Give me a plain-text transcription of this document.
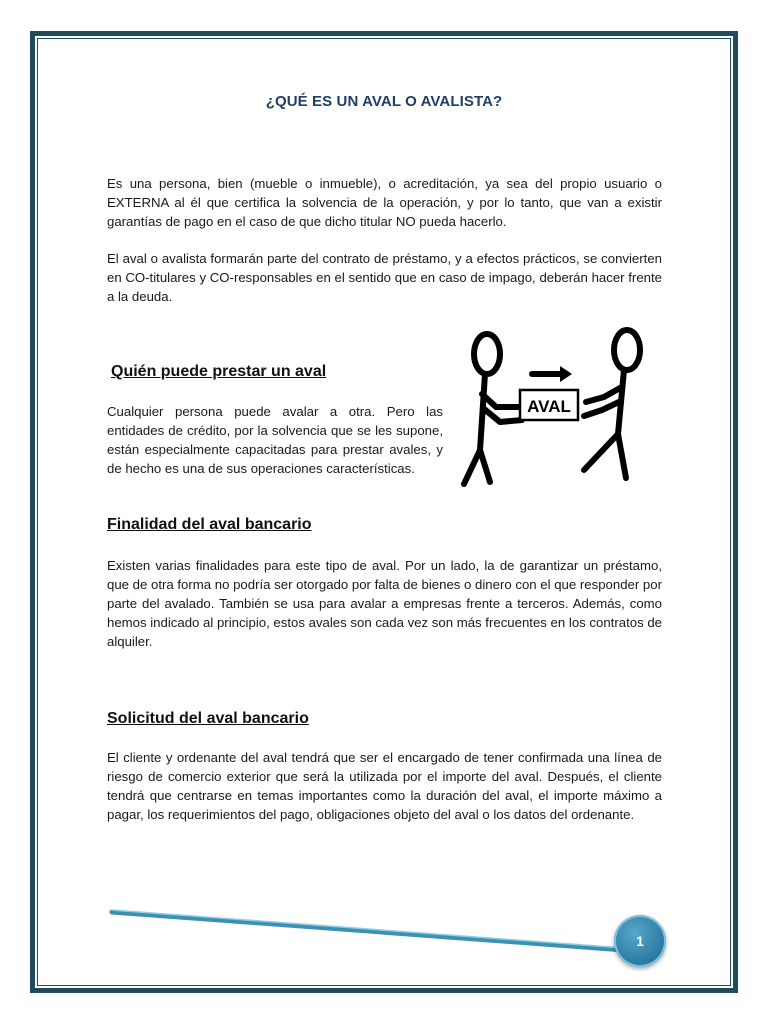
¿QUÉ ES UN AVAL O AVALISTA?

Es una persona, bien (mueble o inmueble), o acreditación, ya sea del propio usuario o EXTERNA al él que certifica la solvencia de la operación, y por lo tanto, que van a existir garantías de pago en el caso de que dicho titular NO pueda hacerlo.

El aval o avalista formarán parte del contrato de préstamo, y a efectos prácticos, se convierten en CO-titulares y CO-responsables en el sentido que en caso de impago, deberán hacer frente a la deuda.

Quién puede prestar un aval

Cualquier persona puede avalar a otra. Pero las entidades de crédito, por la solvencia que se les supone, están especialmente capacitadas para prestar avales, y de hecho es una de sus operaciones características.

AVAL
Finalidad del aval bancario

Existen varias finalidades para este tipo de aval. Por un lado, la de garantizar un préstamo, que de otra forma no podría ser otorgado por falta de bienes o dinero con el que responder por parte del avalado. También se usa para avalar a empresas frente a terceros. Además, como hemos indicado al principio, estos avales son cada vez son más frecuentes en los contratos de alquiler.

Solicitud del aval bancario

El cliente y ordenante del aval tendrá que ser el encargado de tener confirmada una línea de riesgo de comercio exterior que será la utilizada por el importe del aval. Después, el cliente tendrá que centrarse en temas importantes como la duración del aval, el importe máximo a pagar, los requerimientos del pago, obligaciones objeto del aval o los datos del ordenante.

1
